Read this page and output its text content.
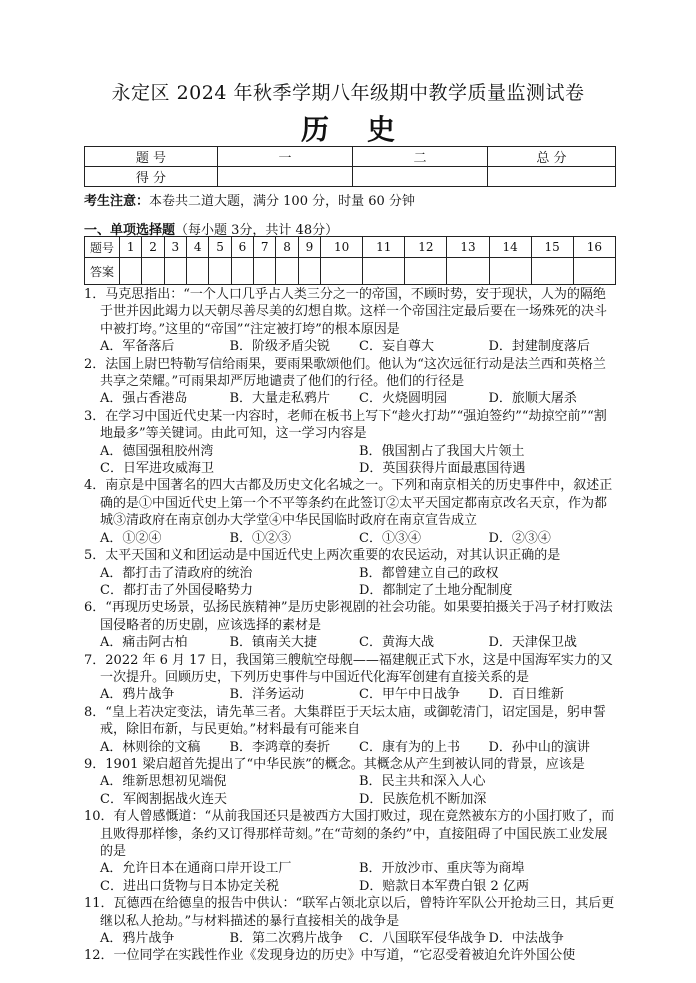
永定区 2024 年秋季学期八年级期中教学质量监测试卷
历史
题 号	一	二	总 分
得 分			
考生注意：本卷共二道大题，满分 100 分，时量 60 分钟
一、单项选择题（每小题 3分，共计 48分）
题号	1	2	3	4	5	6	7	8	9	10	11	12	13	14	15	16
答案																
1．马克思指出：“一个人口几乎占人类三分之一的帝国，不顾时势，安于现状，人为的隔绝于世并因此竭力以天朝尽善尽美的幻想自欺。这样一个帝国注定最后要在一场殊死的决斗中被打垮。”这里的“帝国”“注定被打垮”的根本原因是
A．军备落后	B．阶级矛盾尖锐	C．妄自尊大	D．封建制度落后
2．法国上尉巴特勒写信给雨果，要雨果歌颂他们。他认为“这次远征行动是法兰西和英格兰共享之荣耀。”可雨果却严厉地谴责了他们的行径。他们的行径是
A．强占香港岛	B．大量走私鸦片	C．火烧圆明园	D．旅顺大屠杀
3．在学习中国近代史某一内容时，老师在板书上写下“趁火打劫”“强迫签约”“劫掠空前”“割地最多”等关键词。由此可知，这一学习内容是
A．德国强租胶州湾	B．俄国割占了我国大片领土
C．日军进攻威海卫	D．英国获得片面最惠国待遇
4．南京是中国著名的四大古都及历史文化名城之一。下列和南京相关的历史事件中，叙述正确的是①中国近代史上第一个不平等条约在此签订②太平天国定都南京改名天京，作为都城③清政府在南京创办大学堂④中华民国临时政府在南京宣告成立
A．①②④	B．①②③	C．①③④	D．②③④
5．太平天国和义和团运动是中国近代史上两次重要的农民运动，对其认识正确的是
A．都打击了清政府的统治	B．都曾建立自己的政权
C．都打击了外国侵略势力	D．都制定了土地分配制度
6．“再现历史场景，弘扬民族精神”是历史影视剧的社会功能。如果要拍摄关于冯子材打败法国侵略者的历史剧，应该选择的素材是
A．痛击阿古柏	B．镇南关大捷	C．黄海大战	D．天津保卫战
7．2022 年 6 月 17 日，我国第三艘航空母舰——福建舰正式下水，这是中国海军实力的又一次提升。回顾历史，下列历史事件与中国近代化海军创建有直接关系的是
A．鸦片战争	B．洋务运动	C．甲午中日战争	D．百日维新
8．“皇上若决定变法，请先革三者。大集群臣于天坛太庙，或御乾清门，诏定国是，躬申誓戒，除旧布新，与民更始。”材料最有可能来自
A．林则徐的文稿	B．李鸿章的奏折	C．康有为的上书	D．孙中山的演讲
9．1901 梁启超首先提出了“中华民族”的概念。其概念从产生到被认同的背景，应该是
A．维新思想初见端倪	B．民主共和深入人心
C．军阀割据战火连天	D．民族危机不断加深
10．有人曾感慨道：“从前我国还只是被西方大国打败过，现在竟然被东方的小国打败了，而且败得那样惨，条约又订得那样苛刻。”在“苛刻的条约”中，直接阻碍了中国民族工业发展的是
A．允许日本在通商口岸开设工厂	B．开放沙市、重庆等为商埠
C．进出口货物与日本协定关税	D．赔款日本军费白银 2 亿两
11．瓦德西在给德皇的报告中供认：“联军占领北京以后，曾特许军队公开抢劫三日，其后更继以私人抢劫。”与材料描述的暴行直接相关的战争是
A．鸦片战争	B．第二次鸦片战争	C．八国联军侵华战争 D．中法战争
12．一位同学在实践性作业《发现身边的历史》中写道，“它忍受着被迫允许外国公使
